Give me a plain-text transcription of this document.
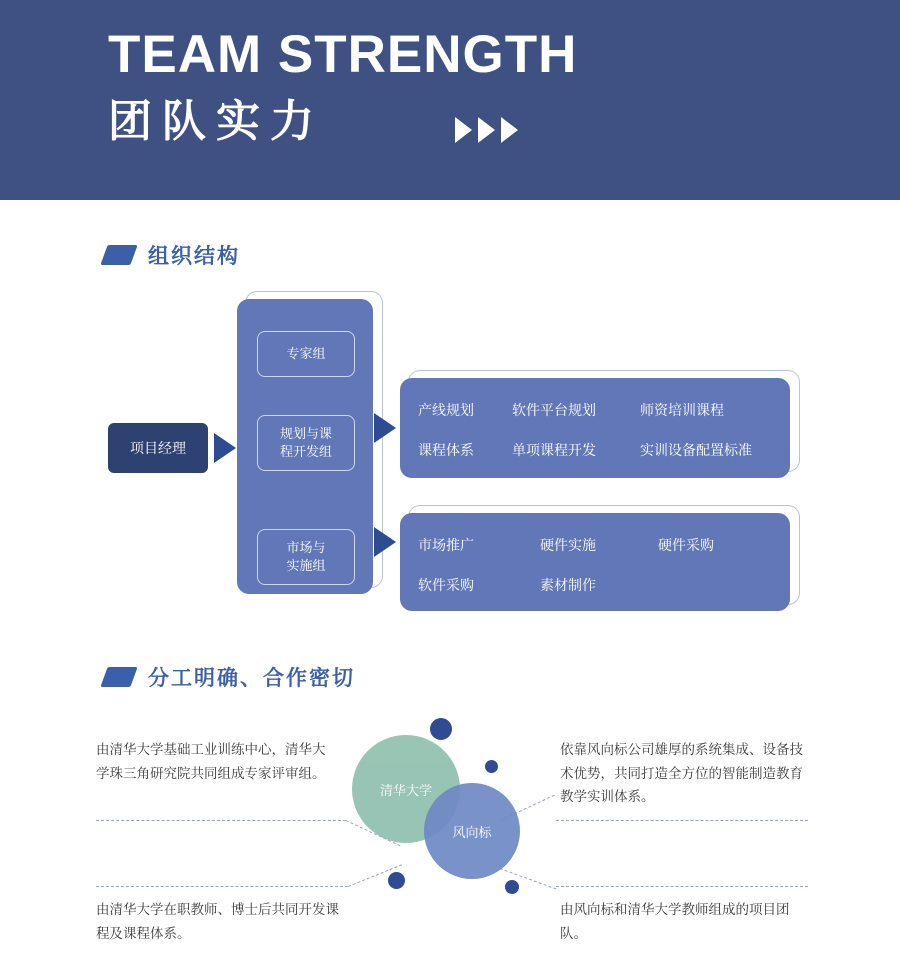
TEAM STRENGTH
团队实力
组织结构
项目经理
专家组
规划与课
程开发组
市场与
实施组
产线规划	软件平台规划	师资培训课程
课程体系	单项课程开发	实训设备配置标准
市场推广	硬件实施	硬件采购
软件采购	素材制作
分工明确、合作密切
清华大学
风向标
由清华大学基础工业训练中心，清华大学珠三角研究院共同组成专家评审组。
依靠风向标公司雄厚的系统集成、设备技术优势，共同打造全方位的智能制造教育教学实训体系。
由清华大学在职教师、博士后共同开发课程及课程体系。
由风向标和清华大学教师组成的项目团队。
